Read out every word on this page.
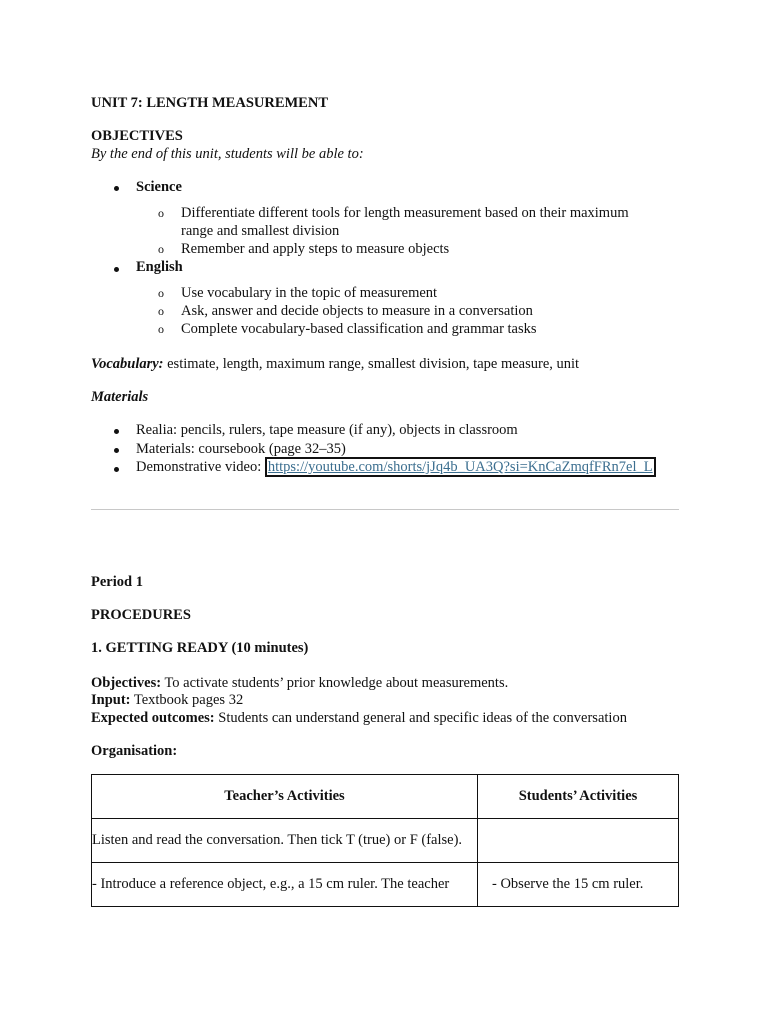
UNIT 7: LENGTH MEASUREMENT
OBJECTIVES
By the end of this unit, students will be able to:
Science
o Differentiate different tools for length measurement based on their maximum
range and smallest division
o Remember and apply steps to measure objects
English
o Use vocabulary in the topic of measurement
o Ask, answer and decide objects to measure in a conversation
o Complete vocabulary-based classification and grammar tasks
Vocabulary: estimate, length, maximum range, smallest division, tape measure, unit
Materials
Realia: pencils, rulers, tape measure (if any), objects in classroom
Materials: coursebook (page 32–35)
Demonstrative video: https://youtube.com/shorts/jJq4b_UA3Q?si=KnCaZmqfFRn7el_L
Period 1
PROCEDURES
1. GETTING READY (10 minutes)
Objectives: To activate students’ prior knowledge about measurements.
Input: Textbook pages 32
Expected outcomes: Students can understand general and specific ideas of the conversation
Organisation:
Teacher’s Activities	Students’ Activities
Listen and read the conversation. Then tick T (true) or F (false).	
- Introduce a reference object, e.g., a 15 cm ruler. The teacher	- Observe the 15 cm ruler.
